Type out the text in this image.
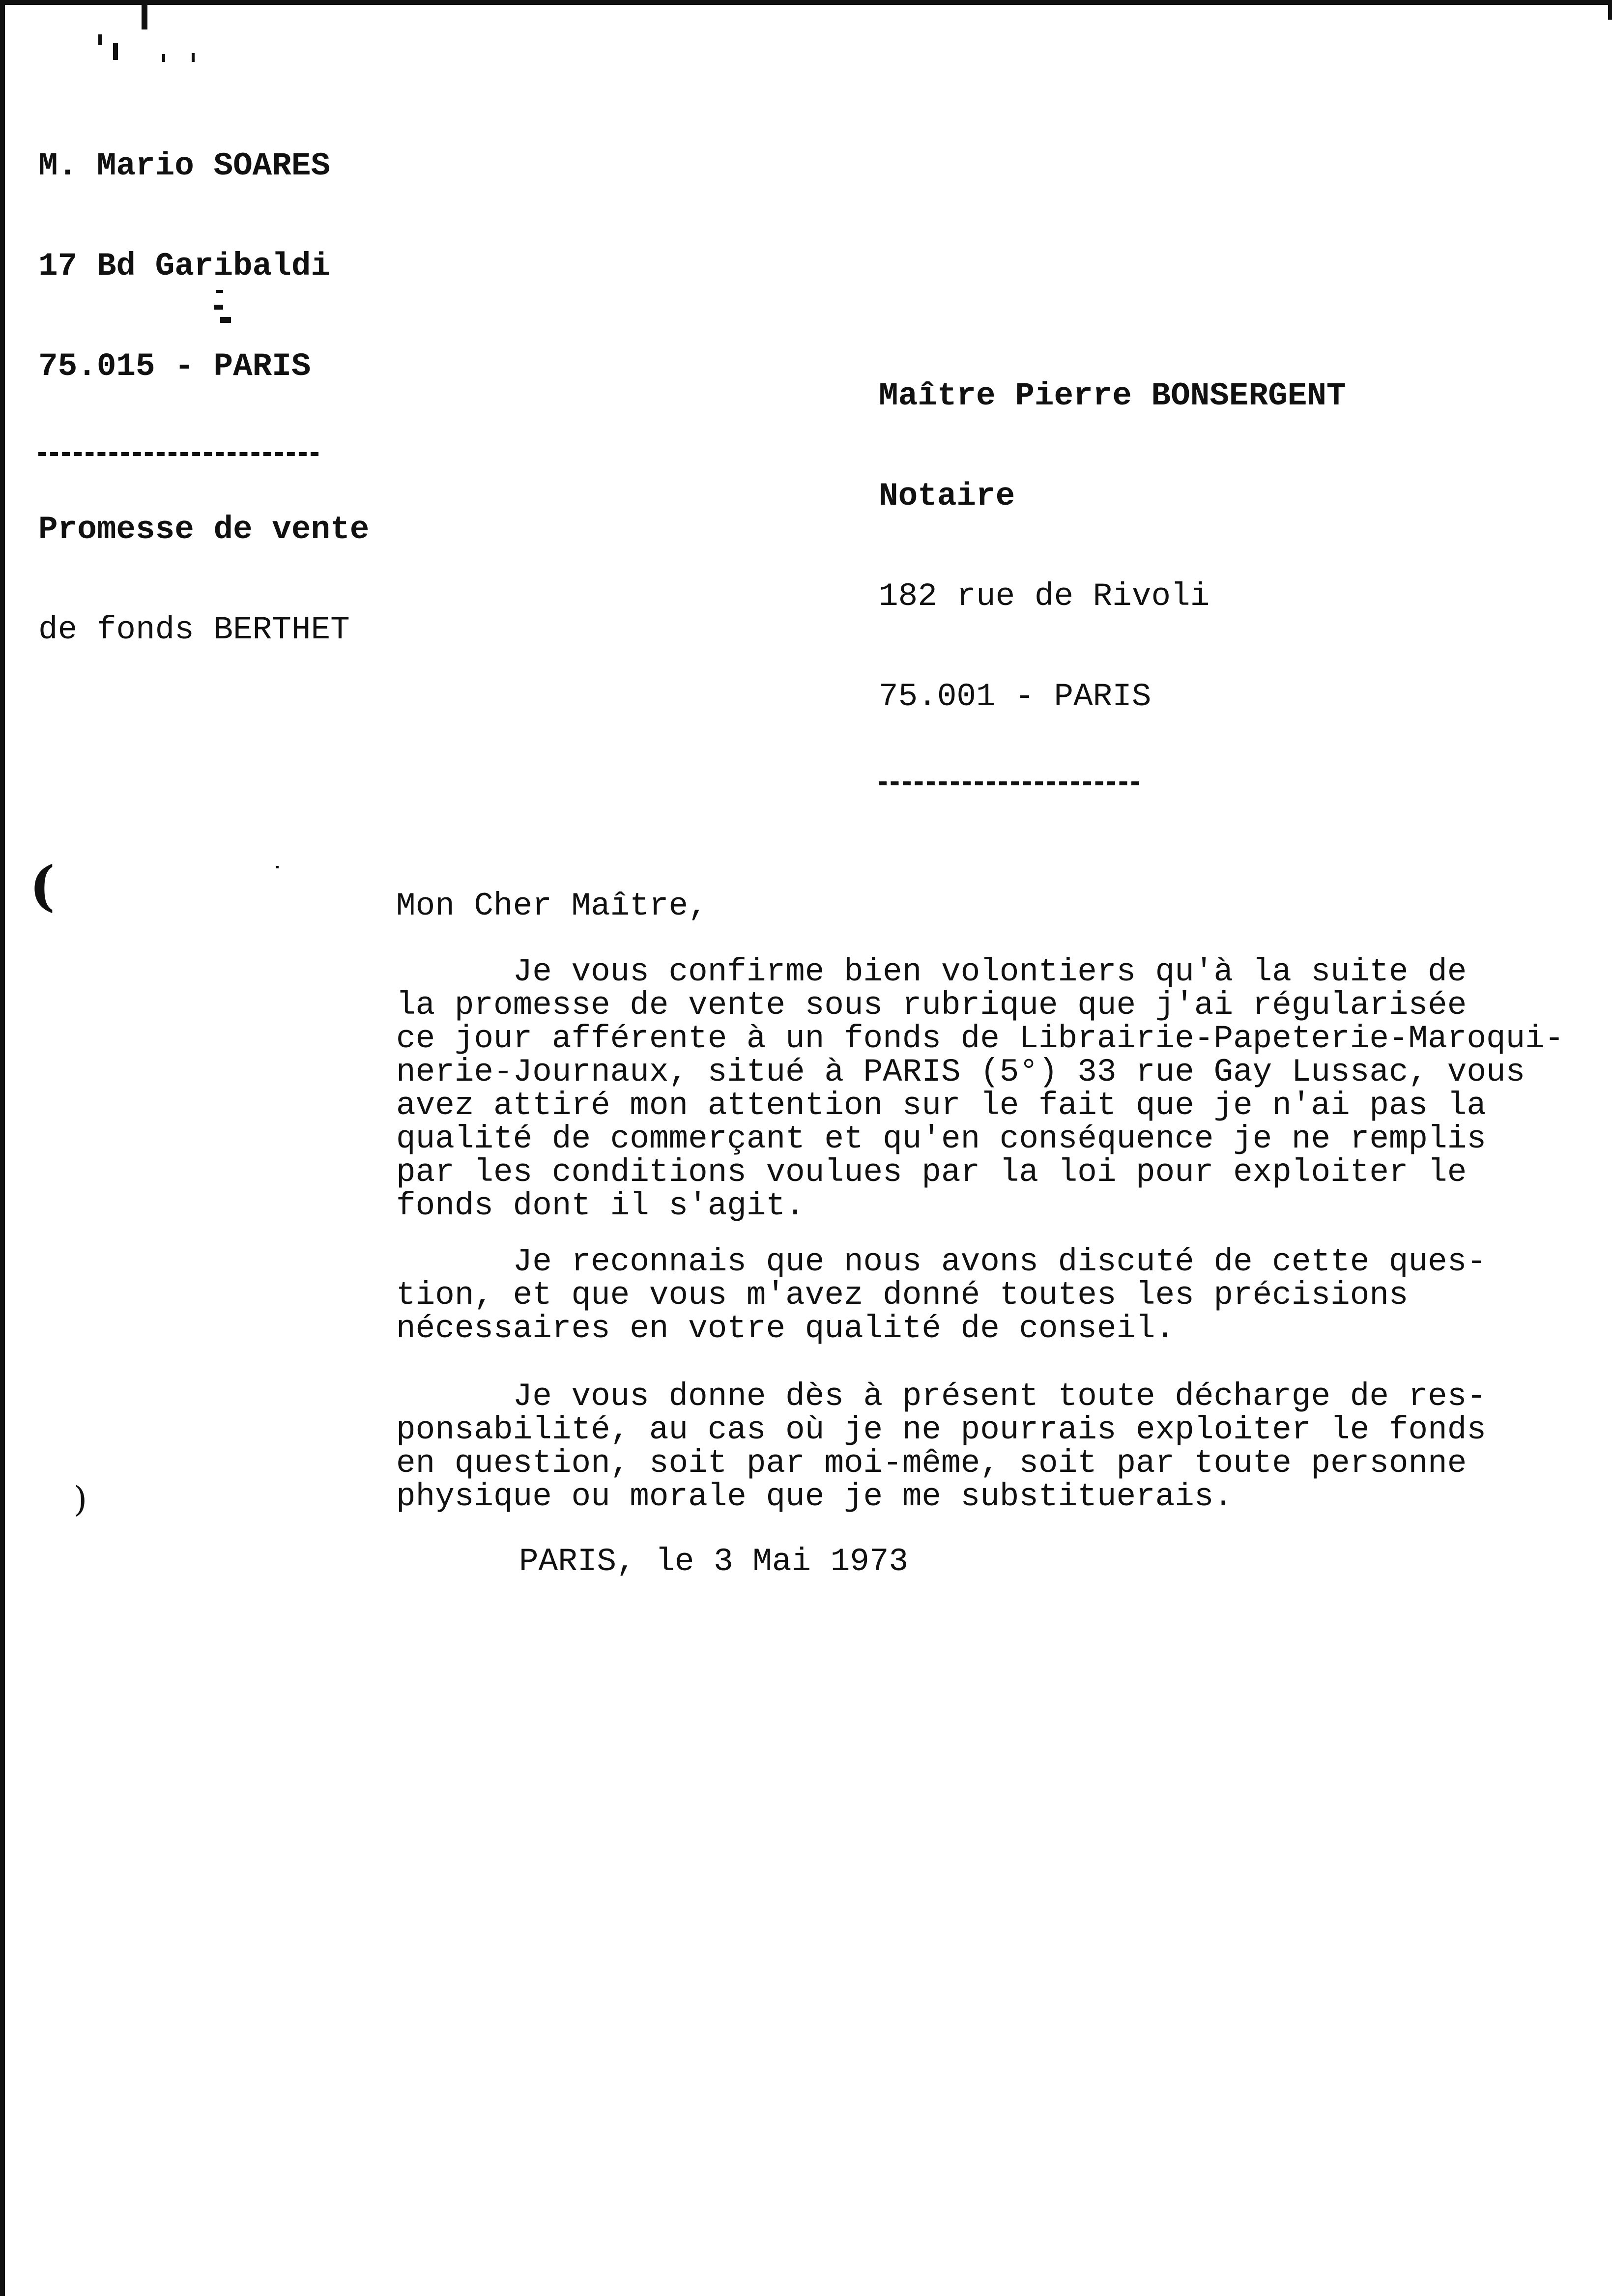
(
)

M. Mario SOARES

17 Bd Garibaldi

75.015 - PARIS

Maître Pierre BONSERGENT

Notaire

182 rue de Rivoli

75.001 - PARIS

Promesse de vente

de fonds BERTHET

Mon Cher Maître,
Je vous confirme bien volontiers qu'à la suite de
la promesse de vente sous rubrique que j'ai régularisée
ce jour afférente à un fonds de Librairie-Papeterie-Maroqui-
nerie-Journaux, situé à PARIS (5°) 33 rue Gay Lussac, vous
avez attiré mon attention sur le fait que je n'ai pas la
qualité de commerçant et qu'en conséquence je ne remplis
par les conditions voulues par la loi pour exploiter le
fonds dont il s'agit.
Je reconnais que nous avons discuté de cette ques-
tion, et que vous m'avez donné toutes les précisions
nécessaires en votre qualité de conseil.
Je vous donne dès à présent toute décharge de res-
ponsabilité, au cas où je ne pourrais exploiter le fonds
en question, soit par moi-même, soit par toute personne
physique ou morale que je me substituerais.
PARIS, le 3 Mai 1973
